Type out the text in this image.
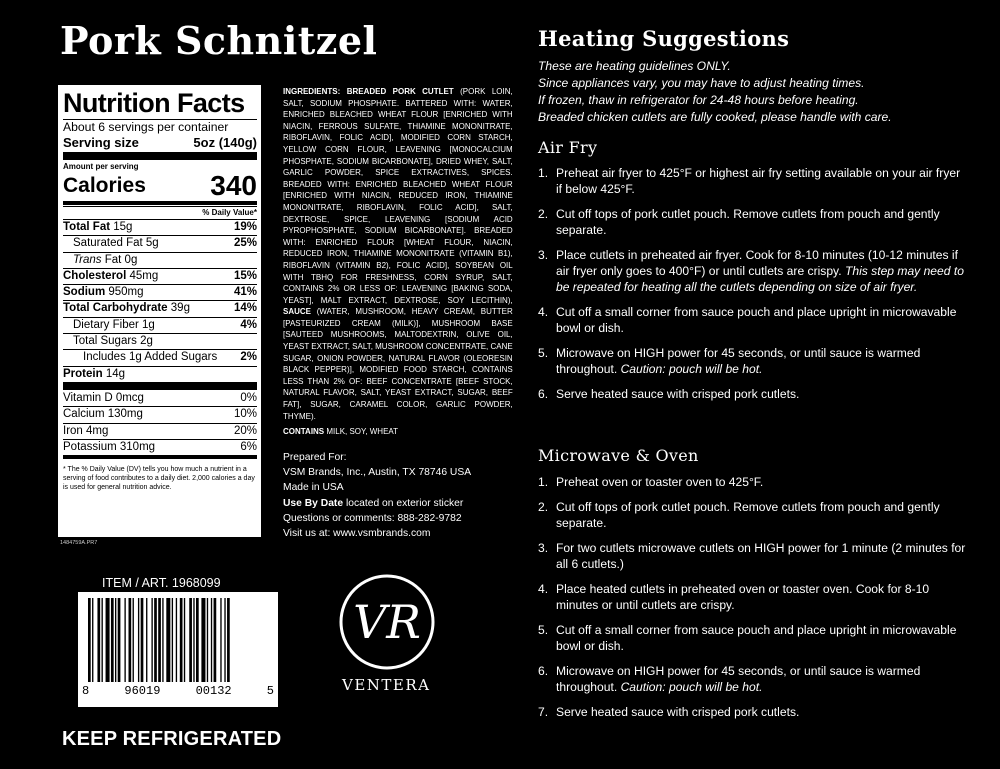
Pork Schnitzel
Nutrition Facts
About 6 servings per container
Serving size	5oz (140g)
Amount per serving
Calories 340
% Daily Value*
Total Fat 15g	19%
Saturated Fat 5g	25%
Trans Fat 0g
Cholesterol 45mg	15%
Sodium 950mg	41%
Total Carbohydrate 39g	14%
Dietary Fiber 1g	4%
Total Sugars 2g
Includes 1g Added Sugars 2%
Protein 14g
Vitamin D 0mcg	0%
Calcium 130mg	10%
Iron 4mg	20%
Potassium 310mg	6%
* The % Daily Value (DV) tells you how much a nutrient in a serving of food contributes to a daily diet. 2,000 calories a day is used for general nutrition advice.
1484759A.PR7
INGREDIENTS: BREADED PORK CUTLET (PORK LOIN, SALT, SODIUM PHOSPHATE. BATTERED WITH: WATER, ENRICHED BLEACHED WHEAT FLOUR [ENRICHED WITH NIACIN, FERROUS SULFATE, THIAMINE MONONITRATE, RIBOFLAVIN, FOLIC ACID], MODIFIED CORN STARCH, YELLOW CORN FLOUR, LEAVENING [MONOCALCIUM PHOSPHATE, SODIUM BICARBONATE], DRIED WHEY, SALT, GARLIC POWDER, SPICE EXTRACTIVES, SPICES. BREADED WITH: ENRICHED BLEACHED WHEAT FLOUR [ENRICHED WITH NIACIN, REDUCED IRON, THIAMINE MONONITRATE, RIBOFLAVIN, FOLIC ACID], SALT, DEXTROSE, SPICE, LEAVENING [SODIUM ACID PYROPHOSPHATE, SODIUM BICARBONATE]. BREADED WITH: ENRICHED FLOUR [WHEAT FLOUR, NIACIN, REDUCED IRON, THIAMINE MONONITRATE (VITAMIN B1), RIBOFLAVIN (VITAMIN B2), FOLIC ACID], SOYBEAN OIL WITH TBHQ FOR FRESHNESS, CORN SYRUP, SALT, CONTAINS 2% OR LESS OF: LEAVENING [BAKING SODA, YEAST], MALT EXTRACT, DEXTROSE, SOY LECITHIN), SAUCE (WATER, MUSHROOM, HEAVY CREAM, BUTTER [PASTEURIZED CREAM (MILK)], MUSHROOM BASE [SAUTEED MUSHROOMS, MALTODEXTRIN, OLIVE OIL, YEAST EXTRACT, SALT, MUSHROOM CONCENTRATE, CANE SUGAR, ONION POWDER, NATURAL FLAVOR (OLEORESIN BLACK PEPPER)], MODIFIED FOOD STARCH, CONTAINS LESS THAN 2% OF: BEEF CONCENTRATE [BEEF STOCK, NATURAL FLAVOR, SALT, YEAST EXTRACT, SUGAR, BEEF FAT], SUGAR, CARAMEL COLOR, GARLIC POWDER, THYME).
CONTAINS MILK, SOY, WHEAT
Prepared For:
VSM Brands, Inc., Austin, TX 78746 USA
Made in USA
Use By Date located on exterior sticker
Questions or comments: 888-282-9782
Visit us at: www.vsmbrands.com
ITEM / ART. 1968099
8	96019	00132	5
KEEP REFRIGERATED
VR
VENTERA
Heating Suggestions
These are heating guidelines ONLY.
Since appliances vary, you may have to adjust heating times.
If frozen, thaw in refrigerator for 24-48 hours before heating.
Breaded chicken cutlets are fully cooked, please handle with care.
Air Fry
1. Preheat air fryer to 425°F or highest air fry setting available on your air fryer if below 425°F.
2. Cut off tops of pork cutlet pouch. Remove cutlets from pouch and gently separate.
3. Place cutlets in preheated air fryer. Cook for 8-10 minutes (10-12 minutes if air fryer only goes to 400°F) or until cutlets are crispy. This step may need to be repeated for heating all the cutlets depending on size of air fryer.
4. Cut off a small corner from sauce pouch and place upright in microwavable bowl or dish.
5. Microwave on HIGH power for 45 seconds, or until sauce is warmed throughout. Caution: pouch will be hot.
6. Serve heated sauce with crisped pork cutlets.
Microwave & Oven
1. Preheat oven or toaster oven to 425°F.
2. Cut off tops of pork cutlet pouch. Remove cutlets from pouch and gently separate.
3. For two cutlets microwave cutlets on HIGH power for 1 minute (2 minutes for all 6 cutlets.)
4. Place heated cutlets in preheated oven or toaster oven. Cook for 8-10 minutes or until cutlets are crispy.
5. Cut off a small corner from sauce pouch and place upright in microwavable bowl or dish.
6. Microwave on HIGH power for 45 seconds, or until sauce is warmed throughout. Caution: pouch will be hot.
7. Serve heated sauce with crisped pork cutlets.
